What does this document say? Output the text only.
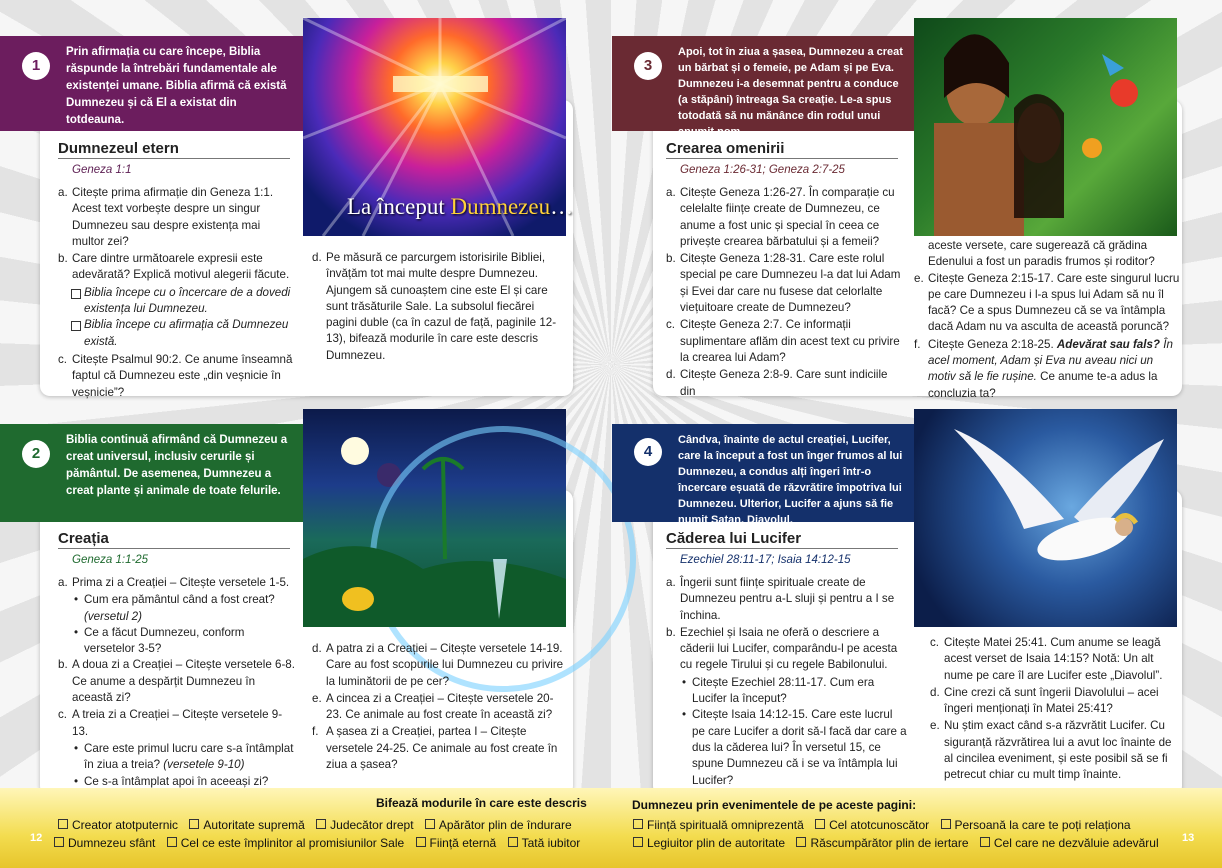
1
Prin afirmația cu care începe, Biblia răspunde la întrebări fundamentale ale existenței umane. Biblia afirmă că există Dumnezeu și că El a existat din totdeauna.
La început Dumnezeu…
Dumnezeul etern
Geneza 1:1
a. Citește prima afirmație din Geneza 1:1. Acest text vorbește despre un singur Dumnezeu sau despre existența mai multor zei?
b. Care dintre următoarele expresii este adevărată? Explică motivul alegerii făcute.
Biblia începe cu o încercare de a dovedi existența lui Dumnezeu.
Biblia începe cu afirmația că Dumnezeu există.
c. Citește Psalmul 90:2. Ce anume înseamnă faptul că Dumnezeu este „din veșnicie în veșnicie”?
d. Pe măsură ce parcurgem istorisirile Bibliei, învățăm tot mai multe despre Dumnezeu. Ajungem să cunoaștem cine este El și care sunt trăsăturile Sale. La subsolul fiecărei pagini duble (ca în cazul de față, paginile 12-13), bifează modurile în care este descris Dumnezeu.
2
Biblia continuă afirmând că Dumnezeu a creat universul, inclusiv cerurile și pământul. De asemenea, Dumnezeu a creat plante și animale de toate felurile.
Creația
Geneza 1:1-25
a. Prima zi a Creației – Citește versetele 1-5.
• Cum era pământul când a fost creat? (versetul 2)
• Ce a făcut Dumnezeu, conform versetelor 3-5?
b. A doua zi a Creației – Citește versetele 6-8. Ce anume a despărțit Dumnezeu în această zi?
c. A treia zi a Creației – Citește versetele 9-13.
• Care este primul lucru care s-a întâmplat în ziua a treia? (versetele 9-10)
• Ce s-a întâmplat apoi în aceeași zi?
d. A patra zi a Creației – Citește versetele 14-19. Care au fost scopurile lui Dumnezeu cu privire la luminătorii de pe cer?
e. A cincea zi a Creației – Citește versetele 20-23. Ce animale au fost create în această zi?
f. A șasea zi a Creației, partea I – Citește versetele 24-25. Ce animale au fost create în ziua a șasea?
3
Apoi, tot în ziua a șasea, Dumnezeu a creat un bărbat și o femeie, pe Adam și pe Eva. Dumnezeu i-a desemnat pentru a conduce (a stăpâni) întreaga Sa creație. Le-a spus totodată să nu mănânce din rodul unui anumit pom.
Crearea omenirii
Geneza 1:26-31; Geneza 2:7-25
a. Citește Geneza 1:26-27. În comparație cu celelalte ființe create de Dumnezeu, ce anume a fost unic și special în ceea ce privește crearea bărbatului și a femeii?
b. Citește Geneza 1:28-31. Care este rolul special pe care Dumnezeu l-a dat lui Adam și Evei dar care nu fusese dat celorlalte viețuitoare create de Dumnezeu?
c. Citește Geneza 2:7. Ce informații suplimentare aflăm din acest text cu privire la crearea lui Adam?
d. Citește Geneza 2:8-9. Care sunt indiciile din
aceste versete, care sugerează că grădina Edenului a fost un paradis frumos și roditor?
e. Citește Geneza 2:15-17. Care este singurul lucru pe care Dumnezeu i l-a spus lui Adam să nu îl facă? Ce a spus Dumnezeu că se va întâmpla dacă Adam nu va asculta de această poruncă?
f. Citește Geneza 2:18-25. Adevărat sau fals? În acel moment, Adam și Eva nu aveau nici un motiv să le fie rușine. Ce anume te-a adus la concluzia ta?
4
Cândva, înainte de actul creației, Lucifer, care la început a fost un înger frumos al lui Dumnezeu, a condus alți îngeri într-o încercare eșuată de răzvrătire împotriva lui Dumnezeu. Ulterior, Lucifer a ajuns să fie numit Satan, Diavolul.
Căderea lui Lucifer
Ezechiel 28:11-17; Isaia 14:12-15
a. Îngerii sunt ființe spirituale create de Dumnezeu pentru a-L sluji și pentru a I se închina.
b. Ezechiel și Isaia ne oferă o descriere a căderii lui Lucifer, comparându-l pe acesta cu regele Tirului și cu regele Babilonului.
• Citește Ezechiel 28:11-17. Cum era Lucifer la început?
• Citește Isaia 14:12-15. Care este lucrul pe care Lucifer a dorit să-l facă dar care a dus la căderea lui? În versetul 15, ce spune Dumnezeu că i se va întâmpla lui Lucifer?
c. Citește Matei 25:41. Cum anume se leagă acest verset de Isaia 14:15? Notă: Un alt nume pe care îl are Lucifer este „Diavolul”.
d. Cine crezi că sunt îngerii Diavolului – acei îngeri menționați în Matei 25:41?
e. Nu știm exact când s-a răzvrătit Lucifer. Cu siguranță răzvrătirea lui a avut loc înainte de al cincilea eveniment, și este posibil să se fi petrecut chiar cu mult timp înainte.
Bifează modurile în care este descris	Dumnezeu prin evenimentele de pe aceste pagini:
Creator atotputernic Autoritate supremă Judecător drept Apărător plin de îndurare	Ființă spirituală omniprezentă Cel atotcunoscător Persoană la care te poți relaționa
Dumnezeu sfânt Cel ce este împlinitor al promisiunilor Sale Ființă eternă Tată iubitor	Legiuitor plin de autoritate Răscumpărător plin de iertare Cel care ne dezvăluie adevărul
12	13
